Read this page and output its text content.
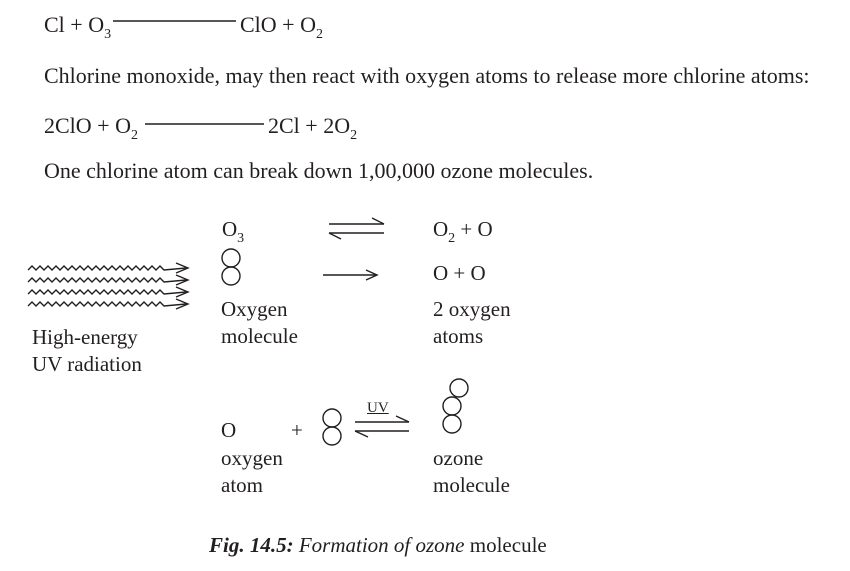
$Cl + O_3$	ClO + $O_2$
Chlorine monoxide, may then react with oxygen atoms to release more chlorine atoms:
$2ClO + O_2$	$2Cl + 2O_2$
One chlorine atom can break down 1,00,000 ozone molecules.
$O_3$	$O_2 + O$
O + O
Oxygen
molecule
2 oxygen
atoms
High-energy
UV radiation
O	+
UV
oxygen
atom
ozone
molecule
Fig. 14.5: Formation of ozone molecule
